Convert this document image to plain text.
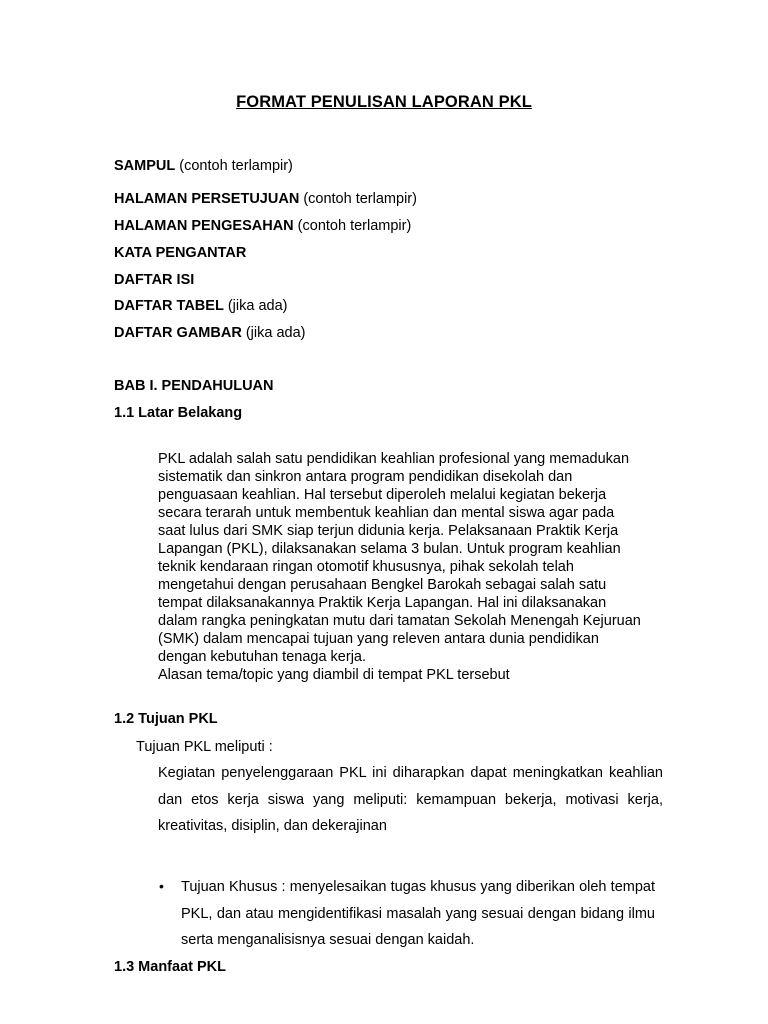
FORMAT PENULISAN LAPORAN PKL
SAMPUL (contoh terlampir)
HALAMAN PERSETUJUAN (contoh terlampir)
HALAMAN PENGESAHAN (contoh terlampir)
KATA PENGANTAR
DAFTAR ISI
DAFTAR TABEL (jika ada)
DAFTAR GAMBAR (jika ada)
BAB I. PENDAHULUAN
1.1 Latar Belakang
PKL adalah salah satu pendidikan keahlian profesional yang memadukan
sistematik dan sinkron antara program pendidikan disekolah dan
penguasaan keahlian. Hal tersebut diperoleh melalui kegiatan bekerja
secara terarah untuk membentuk keahlian dan mental siswa agar pada
saat lulus dari SMK siap terjun didunia kerja. Pelaksanaan Praktik Kerja
Lapangan (PKL), dilaksanakan selama 3 bulan. Untuk program keahlian
teknik kendaraan ringan otomotif khususnya, pihak sekolah telah
mengetahui dengan perusahaan Bengkel Barokah sebagai salah satu
tempat dilaksanakannya Praktik Kerja Lapangan. Hal ini dilaksanakan
dalam rangka peningkatan mutu dari tamatan Sekolah Menengah Kejuruan
(SMK) dalam mencapai tujuan yang releven antara dunia pendidikan
dengan kebutuhan tenaga kerja.
Alasan tema/topic yang diambil di tempat PKL tersebut
1.2 Tujuan PKL
Tujuan PKL meliputi :
Kegiatan penyelenggaraan PKL ini diharapkan dapat meningkatkan keahlian dan etos kerja siswa yang meliputi: kemampuan bekerja, motivasi kerja, kreativitas, disiplin, dan dekerajinan
• Tujuan Khusus : menyelesaikan tugas khusus yang diberikan oleh tempat PKL, dan atau mengidentifikasi masalah yang sesuai dengan bidang ilmu serta menganalisisnya sesuai dengan kaidah.
1.3 Manfaat PKL
